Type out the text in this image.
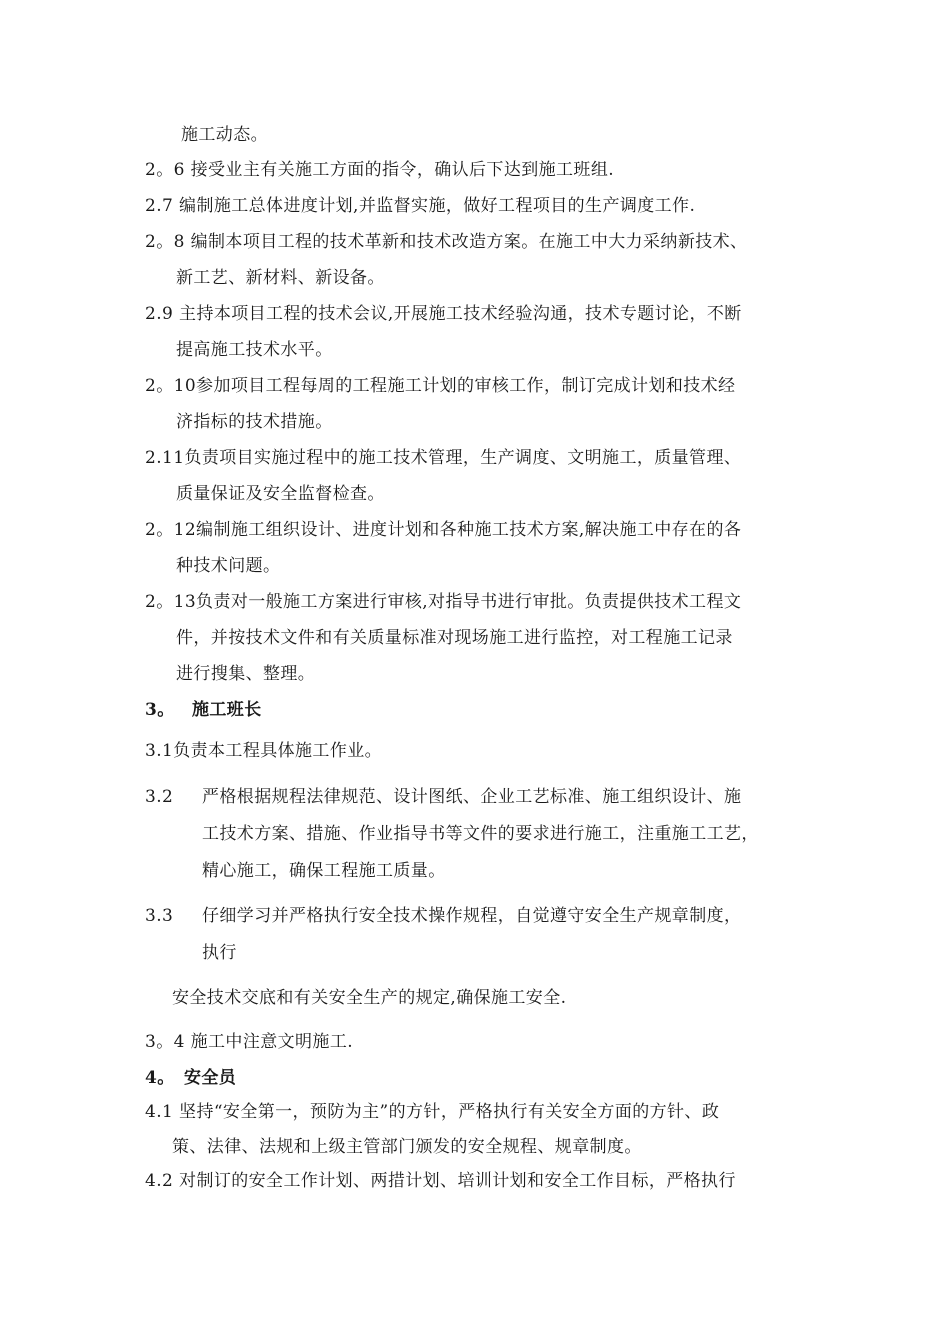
施工动态。
2。6 接受业主有关施工方面的指令，确认后下达到施工班组.
2.7 编制施工总体进度计划,并监督实施，做好工程项目的生产调度工作.
2。8 编制本项目工程的技术革新和技术改造方案。在施工中大力采纳新技术、
新工艺、新材料、新设备。
2.9 主持本项目工程的技术会议,开展施工技术经验沟通，技术专题讨论，不断
提高施工技术水平。
2。10参加项目工程每周的工程施工计划的审核工作，制订完成计划和技术经
济指标的技术措施。
2.11负责项目实施过程中的施工技术管理，生产调度、文明施工，质量管理、
质量保证及安全监督检查。
2。12编制施工组织设计、进度计划和各种施工技术方案,解决施工中存在的各
种技术问题。
2。13负责对一般施工方案进行审核,对指导书进行审批。负责提供技术工程文
件，并按技术文件和有关质量标准对现场施工进行监控，对工程施工记录
进行搜集、整理。
3。 施工班长
3.1负责本工程具体施工作业。
3.2 严格根据规程法律规范、设计图纸、企业工艺标准、施工组织设计、施
工技术方案、措施、作业指导书等文件的要求进行施工，注重施工工艺，
精心施工，确保工程施工质量。
3.3 仔细学习并严格执行安全技术操作规程，自觉遵守安全生产规章制度，
执行
安全技术交底和有关安全生产的规定,确保施工安全.
3。4 施工中注意文明施工.
4。 安全员
4.1 坚持“安全第一，预防为主”的方针，严格执行有关安全方面的方针、政
策、法律、法规和上级主管部门颁发的安全规程、规章制度。
4.2 对制订的安全工作计划、两措计划、培训计划和安全工作目标，严格执行
